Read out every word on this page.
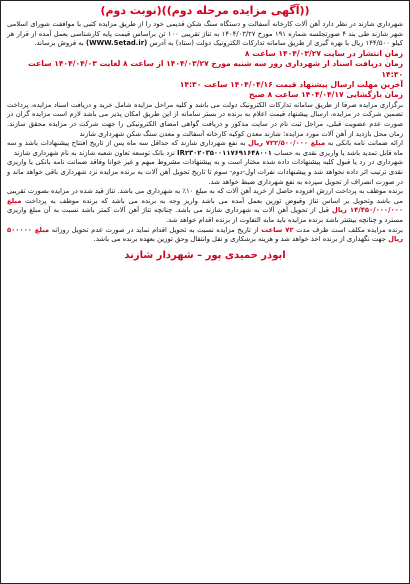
((آگهی مزایده مرحله دوم))(نوبت دوم)

شهرداری شازند در نظر دارد آهن آلات کارخانه آسفالت و دستگاه سنگ شکن قدیمی خود را از طریق مزایده کتبی با موافقت شورای اسلامی شهر شازند طی بند ۴ صورتجلسه شماره ۱۹۱ مورخ ۱۴۰۴/۰۳/۲۷ به تناژ تقریبی ۱۰۰ تن براساس قیمت پایه کارشناسی بعمل آمده از قرار هر کیلو ۱۴۴/۵۰۰ ریال با بهره گیری از طریق سامانه تدارکات الکترونیک دولت (ستاد) به آدرس (WWW.Setad.ir) به فروش برساند.

زمان انتشار در سایت ۱۴۰۴/۰۳/۲۷ ساعت ۸

زمان دریافت اسناد از شهرداری روز سه شنبه مورخ ۱۴۰۴/۰۳/۲۷ از ساعت ۸ لغایت ۱۴۰۴/۰۴/۰۳ ساعت ۱۴:۳۰

آخرین مهلت ارسال پیشنهاد قیمت ۱۴۰۴/۰۴/۱۶ ساعت ۱۴:۳۰

زمان بازگشایی ۱۴۰۴/۰۴/۱۷ ساعت ۸ صبح

برگزاری مزایده صرفا از طریق سامانه تدارکات الکترونیک دولت می باشد و کلیه مراحل مزایده شامل خرید و دریافت اسناد مزایده، پرداخت تضمین شرکت در مزایده، ارسال پیشنهاد قیمت اعلام به برنده در بستر سامانه از این طریق امکان پذیر می باشد لازم است مزایده گران در صورت عدم عضویت قبلی، مراحل ثبت نام در سایت مذکور و دریافت گواهی امضای الکترونیکی را جهت شرکت در مزایده محقق سازند. زمان محل بازدید از آهن آلات مورد مزایده: شازند معدن کوکیه کارخانه آسفالت و معدن سنگ شکن شهرداری شازند

ارائه ضمانت نامه بانکی به مبلغ ۷۲۲/۵۰۰/۰۰۰ ریال به نفع شهرداری شازند که حداقل سه ماه پس از تاریخ افتتاح پیشنهادات باشد و سه ماه قابل تمدید باشد یا واریزی نقدی به حساب IR۲۳۰۲۰۳۵۰۰۱۱۷۶۹۱۶۴۸۰۰۱ نزد بانک توسعه تعاون شعبه شازند به نام شهرداری شازند

شهرداری در رد یا قبول کلیه پیشنهادات داده شده مختار است و به پیشنهادات مشروط مبهم و غیر خوانا وفاقد ضمانت نامه بانکی یا واریزی نقدی ترتیب اثر داده نخواهد شد و پیشنهادات نفرات اول-دوم- سوم تا تاریخ تحویل آهن آلات به برنده مزایده نزد شهرداری باقی خواهد ماند و در صورت انصراف از تحویل سپرده به نفع شهرداری ضبط خواهد شد.

برنده موظف به پرداخت ارزش افزوده حاصل از خرید آهن آلات که به مبلغ ۱۰٪ به شهرداری می باشد. تناژ قید شده در مزایده بصورت تقریبی می باشد وتحویل بر اساس تناژ وقیوض توزین بعمل آمده می باشد واریز وجه به برنده می باشد که برنده موظف به پرداخت مبلغ ۱۴/۴۵۰/۰۰۰/۰۰۰ ریال قبل از تحویل آهن آلات به شهرداری شازند می باشد. چنانچه تناژ آهن آلات کمتر باشد نسبت به آن مبلغ واریزی مسترد و چنانچه بیشتر باشد برنده مزایده باید مابه التفاوت از برنده اقدام خواهد شد.

برنده مزایده مکلف است ظرف مدت ۷۲ ساعت از تاریخ مزایده نسبت به تحویل اقدام نماید در صورت عدم تحویل روزانه مبلغ ۵۰۰۰۰۰ ریال جهت نگهداری از برنده اخذ خواهد شد و هزینه برشکاری و نقل وانتقال وحق توزین بعهده برنده می باشد.

ابوذر حمیدی پور – شهردار شازند
